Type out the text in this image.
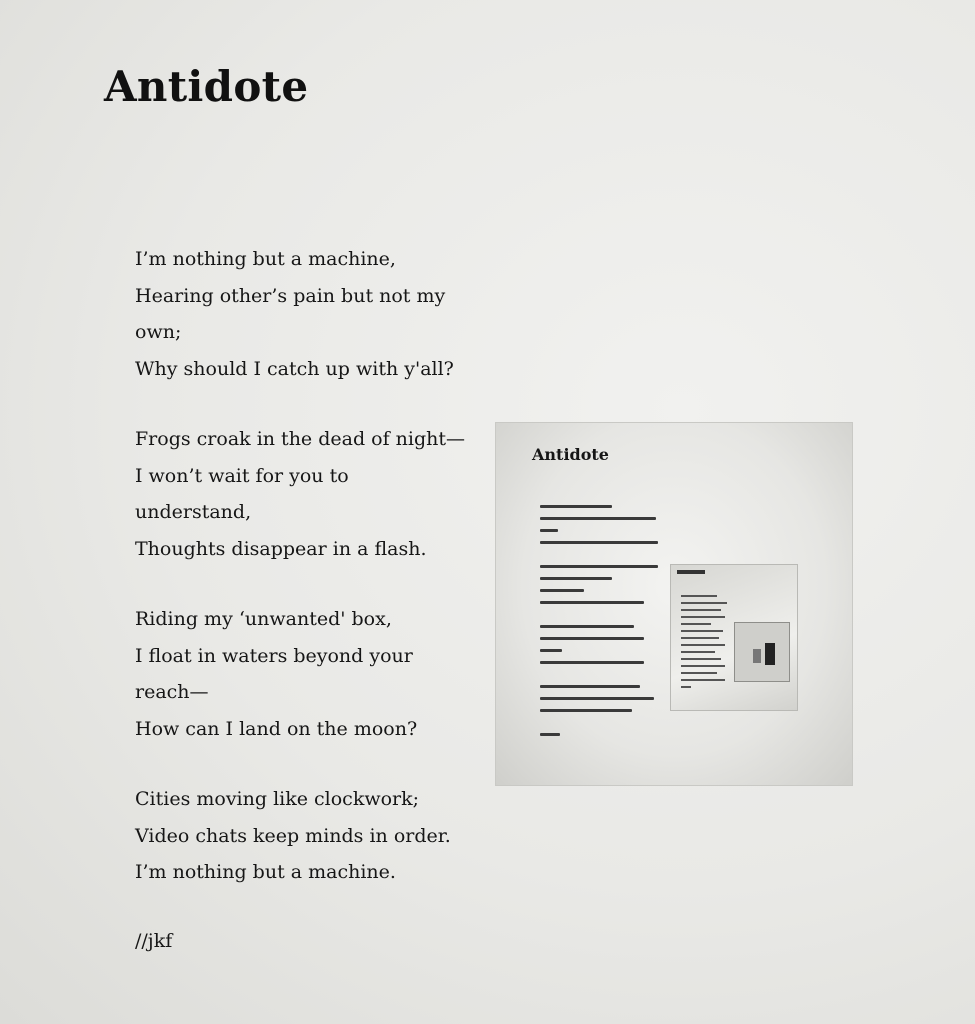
Antidote
I’m nothing but a machine,
Hearing other’s pain but not my
own;
Why should I catch up with y'all?
Frogs croak in the dead of night—
I won’t wait for you to
understand,
Thoughts disappear in a flash.
Riding my ‘unwanted' box,
I float in waters beyond your
reach—
How can I land on the moon?
Cities moving like clockwork;
Video chats keep minds in order.
I’m nothing but a machine.
//jkf
Antidote
